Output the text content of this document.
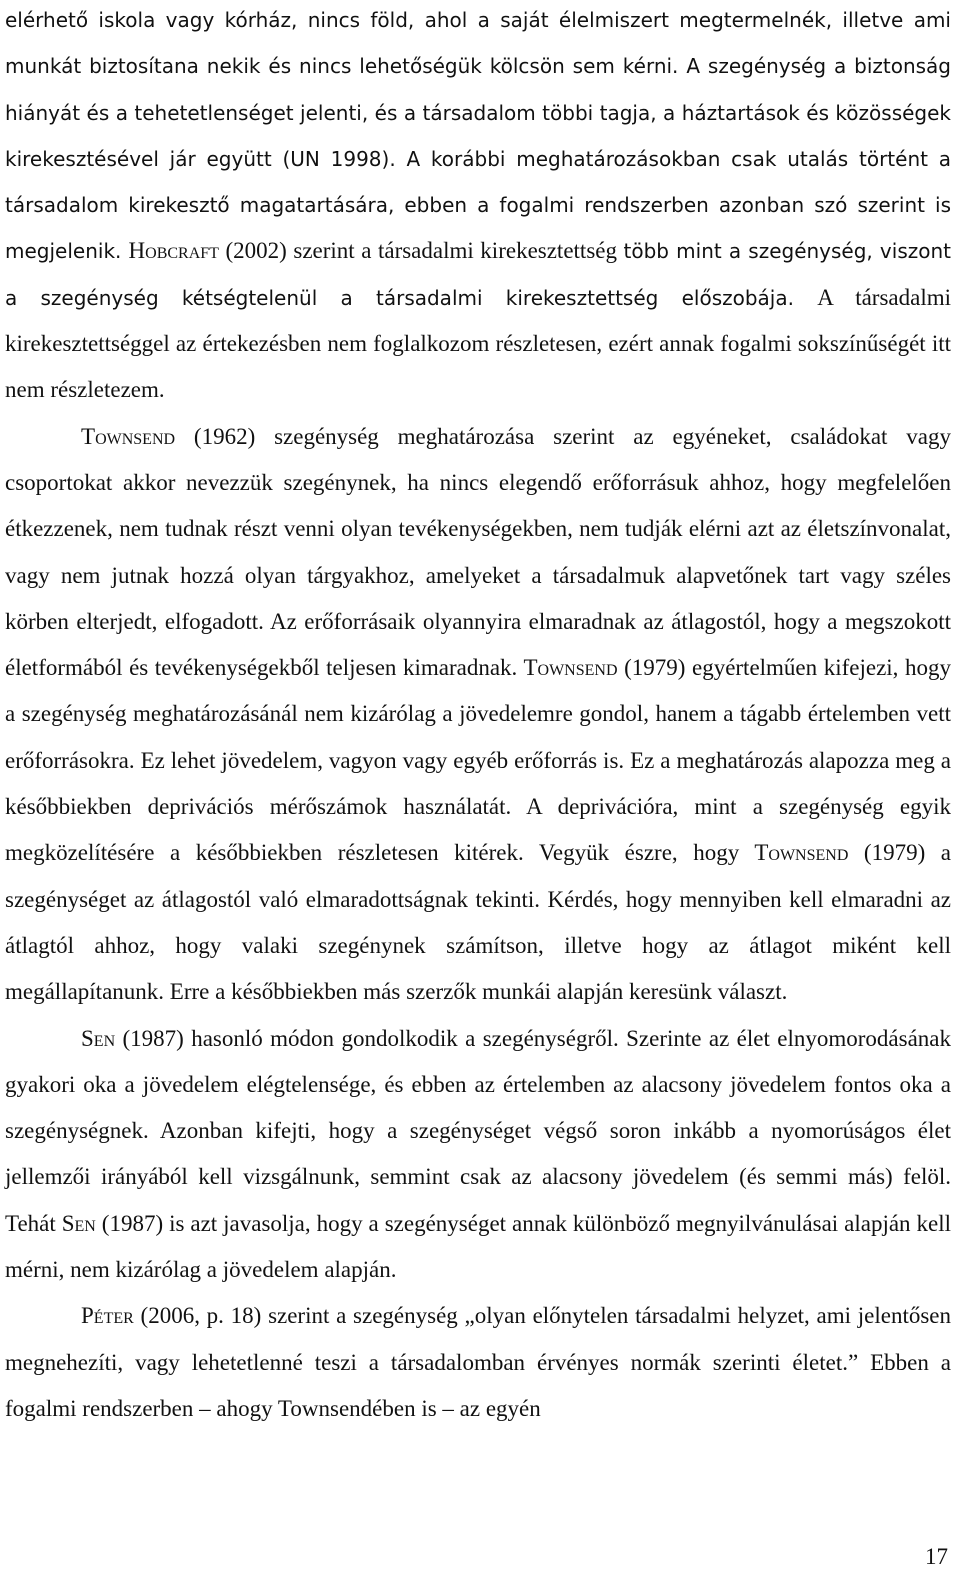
elérhető iskola vagy kórház, nincs föld, ahol a saját élelmiszert megtermelnék, illetve ami munkát biztosítana nekik és nincs lehetőségük kölcsön sem kérni. A szegénység a biztonság hiányát és a tehetetlenséget jelenti, és a társadalom többi tagja, a háztartások és közösségek kirekesztésével jár együtt (UN 1998). A korábbi meghatározásokban csak utalás történt a társadalom kirekesztő magatartására, ebben a fogalmi rendszerben azonban szó szerint is megjelenik. Hobcraft (2002) szerint a társadalmi kirekesztettség több mint a szegénység, viszont a szegénység kétségtelenül a társadalmi kirekesztettség előszobája. A társadalmi kirekesztettséggel az értekezésben nem foglalkozom részletesen, ezért annak fogalmi sokszínűségét itt nem részletezem.

Townsend (1962) szegénység meghatározása szerint az egyéneket, családokat vagy csoportokat akkor nevezzük szegénynek, ha nincs elegendő erőforrásuk ahhoz, hogy megfelelően étkezzenek, nem tudnak részt venni olyan tevékenységekben, nem tudják elérni azt az életszínvonalat, vagy nem jutnak hozzá olyan tárgyakhoz, amelyeket a társadalmuk alapvetőnek tart vagy széles körben elterjedt, elfogadott. Az erőforrásaik olyannyira elmaradnak az átlagostól, hogy a megszokott életformából és tevékenységekből teljesen kimaradnak. Townsend (1979) egyértelműen kifejezi, hogy a szegénység meghatározásánál nem kizárólag a jövedelemre gondol, hanem a tágabb értelemben vett erőforrásokra. Ez lehet jövedelem, vagyon vagy egyéb erőforrás is. Ez a meghatározás alapozza meg a későbbiekben deprivációs mérőszámok használatát. A deprivációra, mint a szegénység egyik megközelítésére a későbbiekben részletesen kitérek. Vegyük észre, hogy Townsend (1979) a szegénységet az átlagostól való elmaradottságnak tekinti. Kérdés, hogy mennyiben kell elmaradni az átlagtól ahhoz, hogy valaki szegénynek számítson, illetve hogy az átlagot miként kell megállapítanunk. Erre a későbbiekben más szerzők munkái alapján keresünk választ.

Sen (1987) hasonló módon gondolkodik a szegénységről. Szerinte az élet elnyomorodásának gyakori oka a jövedelem elégtelensége, és ebben az értelemben az alacsony jövedelem fontos oka a szegénységnek. Azonban kifejti, hogy a szegénységet végső soron inkább a nyomorúságos élet jellemzői irányából kell vizsgálnunk, semmint csak az alacsony jövedelem (és semmi más) felöl. Tehát Sen (1987) is azt javasolja, hogy a szegénységet annak különböző megnyilvánulásai alapján kell mérni, nem kizárólag a jövedelem alapján.

Péter (2006, p. 18) szerint a szegénység „olyan előnytelen társadalmi helyzet, ami jelentősen megnehezíti, vagy lehetetlenné teszi a társadalomban érvényes normák szerinti életet.” Ebben a fogalmi rendszerben – ahogy Townsendében is – az egyén

17
